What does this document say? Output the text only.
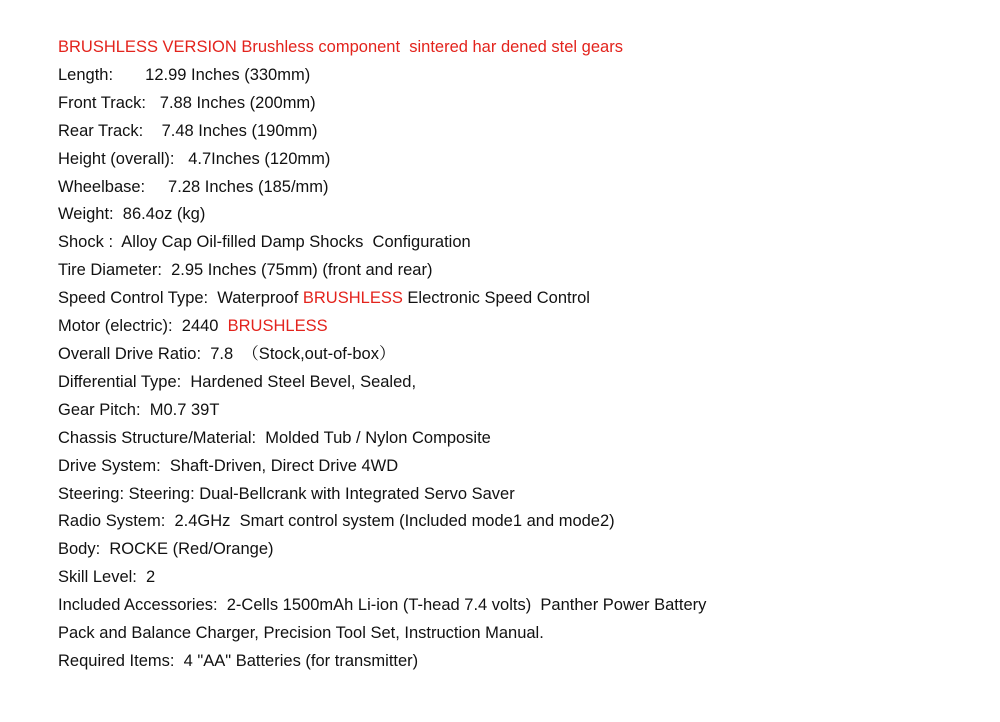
BRUSHLESS VERSION Brushless component  sintered har dened stel gears

Length:       12.99 Inches (330mm)

Front Track:   7.88 Inches (200mm)

Rear Track:    7.48 Inches (190mm)

Height (overall):   4.7Inches (120mm)

Wheelbase:     7.28 Inches (185/mm)

Weight:  86.4oz (kg)

Shock :  Alloy Cap Oil-filled Damp Shocks  Configuration

Tire Diameter:  2.95 Inches (75mm) (front and rear)

Speed Control Type:  Waterproof BRUSHLESS Electronic Speed Control

Motor (electric):  2440  BRUSHLESS

Overall Drive Ratio:  7.8  （Stock,out-of-box）

Differential Type:  Hardened Steel Bevel, Sealed,

Gear Pitch:  M0.7 39T

Chassis Structure/Material:  Molded Tub / Nylon Composite

Drive System:  Shaft-Driven, Direct Drive 4WD

Steering: Steering: Dual-Bellcrank with Integrated Servo Saver

Radio System:  2.4GHz  Smart control system (Included mode1 and mode2)

Body:  ROCKE (Red/Orange)

Skill Level:  2

Included Accessories:  2-Cells 1500mAh Li-ion (T-head 7.4 volts)  Panther Power Battery

Pack and Balance Charger, Precision Tool Set, Instruction Manual.

Required Items:  4 "AA" Batteries (for transmitter)
